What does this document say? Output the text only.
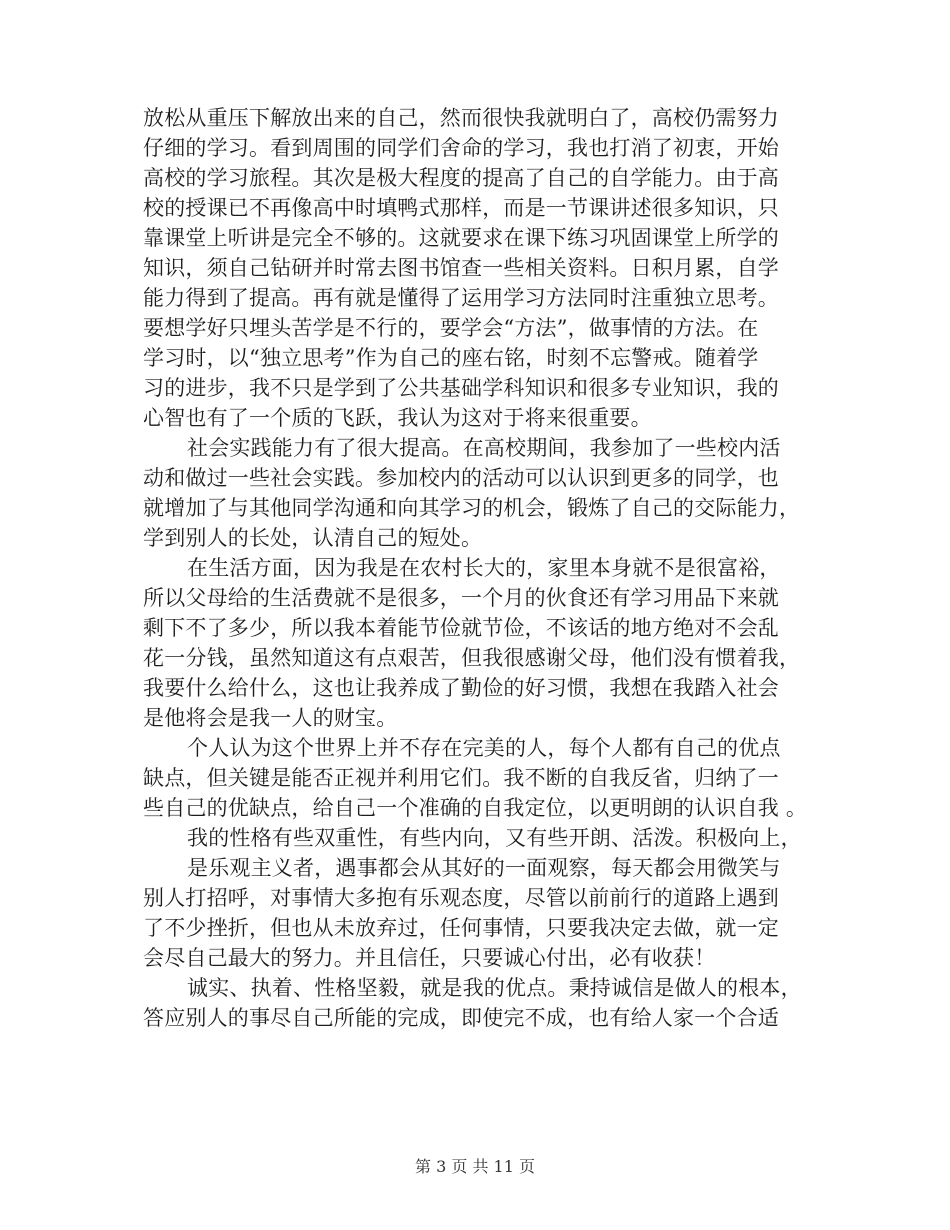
放松从重压下解放出来的自己，然而很快我就明白了，高校仍需努力
仔细的学习。看到周围的同学们舍命的学习，我也打消了初衷，开始
高校的学习旅程。其次是极大程度的提高了自己的自学能力。由于高
校的授课已不再像高中时填鸭式那样，而是一节课讲述很多知识，只
靠课堂上听讲是完全不够的。这就要求在课下练习巩固课堂上所学的
知识，须自己钻研并时常去图书馆查一些相关资料。日积月累，自学
能力得到了提高。再有就是懂得了运用学习方法同时注重独立思考。
要想学好只埋头苦学是不行的，要学会“方法”，做事情的方法。在
学习时，以“独立思考”作为自己的座右铭，时刻不忘警戒。随着学
习的进步，我不只是学到了公共基础学科知识和很多专业知识，我的
心智也有了一个质的飞跃，我认为这对于将来很重要。
社会实践能力有了很大提高。在高校期间，我参加了一些校内活
动和做过一些社会实践。参加校内的活动可以认识到更多的同学，也
就增加了与其他同学沟通和向其学习的机会，锻炼了自己的交际能力，
学到别人的长处，认清自己的短处。
在生活方面，因为我是在农村长大的，家里本身就不是很富裕，
所以父母给的生活费就不是很多，一个月的伙食还有学习用品下来就
剩下不了多少，所以我本着能节俭就节俭，不该话的地方绝对不会乱
花一分钱，虽然知道这有点艰苦，但我很感谢父母，他们没有惯着我，
我要什么给什么，这也让我养成了勤俭的好习惯，我想在我踏入社会
是他将会是我一人的财宝。
个人认为这个世界上并不存在完美的人，每个人都有自己的优点
缺点，但关键是能否正视并利用它们。我不断的自我反省，归纳了一
些自己的优缺点，给自己一个准确的自我定位，以更明朗的认识自我 。
我的性格有些双重性，有些内向，又有些开朗、活泼。积极向上，
是乐观主义者，遇事都会从其好的一面观察，每天都会用微笑与
别人打招呼，对事情大多抱有乐观态度，尽管以前前行的道路上遇到
了不少挫折，但也从未放弃过，任何事情，只要我决定去做，就一定
会尽自己最大的努力。并且信任，只要诚心付出，必有收获！
诚实、执着、性格坚毅，就是我的优点。秉持诚信是做人的根本，
答应别人的事尽自己所能的完成，即使完不成，也有给人家一个合适
第 3 页 共 11 页
